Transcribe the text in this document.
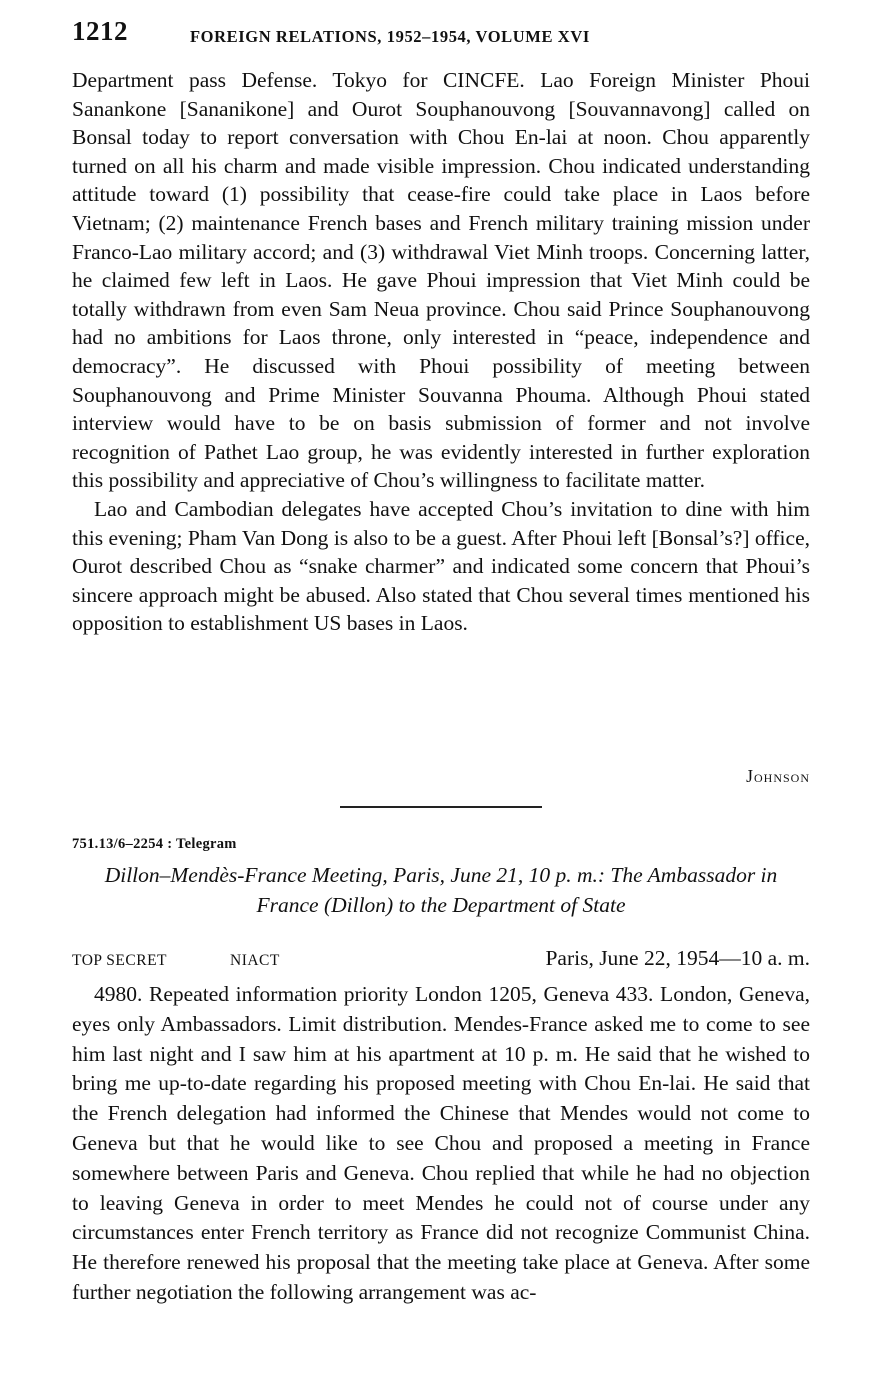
1212	FOREIGN RELATIONS, 1952–1954, VOLUME XVI

Department pass Defense. Tokyo for CINCFE. Lao Foreign Minister Phoui Sanankone [Sananikone] and Ourot Souphanouvong [Souvannavong] called on Bonsal today to report conversation with Chou En-lai at noon. Chou apparently turned on all his charm and made visible impression. Chou indicated understanding attitude toward (1) possibility that cease-fire could take place in Laos before Vietnam; (2) maintenance French bases and French military training mission under Franco-Lao military accord; and (3) withdrawal Viet Minh troops. Concerning latter, he claimed few left in Laos. He gave Phoui impression that Viet Minh could be totally withdrawn from even Sam Neua province. Chou said Prince Souphanouvong had no ambitions for Laos throne, only interested in “peace, independence and democracy”. He discussed with Phoui possibility of meeting between Souphanouvong and Prime Minister Souvanna Phouma. Although Phoui stated interview would have to be on basis submission of former and not involve recognition of Pathet Lao group, he was evidently interested in further exploration this possibility and appreciative of Chou’s willingness to facilitate matter.

Lao and Cambodian delegates have accepted Chou’s invitation to dine with him this evening; Pham Van Dong is also to be a guest. After Phoui left [Bonsal’s?] office, Ourot described Chou as “snake charmer” and indicated some concern that Phoui’s sincere approach might be abused. Also stated that Chou several times mentioned his opposition to establishment US bases in Laos.

Johnson
751.13/6–2254 : Telegram
Dillon–Mendès-France Meeting, Paris, June 21, 10 p. m.: The Ambassador in France (Dillon) to the Department of State
TOP SECRET	NIACT	Paris, June 22, 1954—10 a. m.

4980. Repeated information priority London 1205, Geneva 433. London, Geneva, eyes only Ambassadors. Limit distribution. Mendes-France asked me to come to see him last night and I saw him at his apartment at 10 p. m. He said that he wished to bring me up-to-date regarding his proposed meeting with Chou En-lai. He said that the French delegation had informed the Chinese that Mendes would not come to Geneva but that he would like to see Chou and proposed a meeting in France somewhere between Paris and Geneva. Chou replied that while he had no objection to leaving Geneva in order to meet Mendes he could not of course under any circumstances enter French territory as France did not recognize Communist China. He therefore renewed his proposal that the meeting take place at Geneva. After some further negotiation the following arrangement was ac-
